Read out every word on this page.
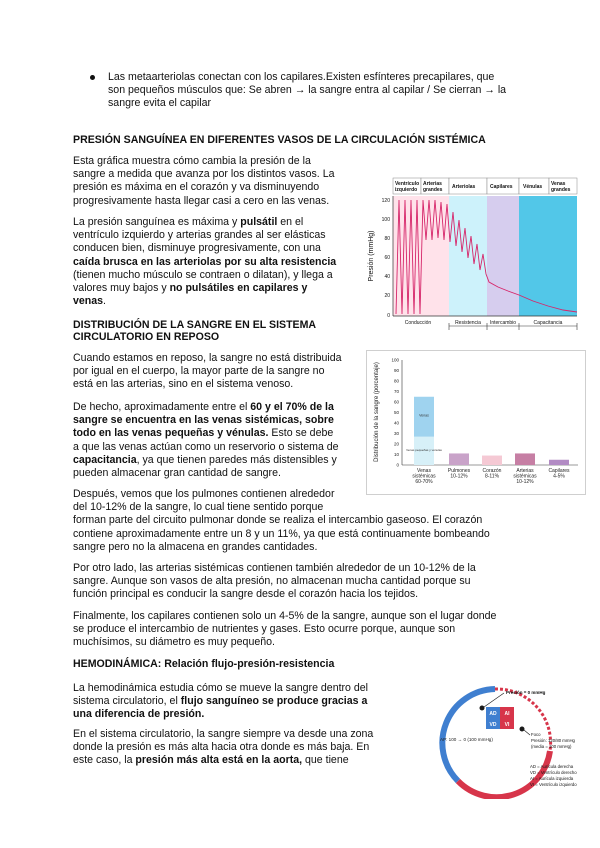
Las metaarteriolas conectan con los capilares.Existen esfínteres precapilares, que
son pequeños músculos que: Se abren → la sangre entra al capilar / Se cierran → la
sangre evita el capilar
PRESIÓN SANGUÍNEA EN DIFERENTES VASOS DE LA CIRCULACIÓN SISTÉMICA
Esta gráfica muestra cómo cambia la presión de la
sangre a medida que avanza por los distintos vasos. La
presión es máxima en el corazón y va disminuyendo
progresivamente hasta llegar casi a cero en las venas.
La presión sanguínea es máxima y pulsátil en el
ventrículo izquierdo y arterias grandes al ser elásticas
conducen bien, disminuye progresivamente, con una
caída brusca en las arteriolas por su alta resistencia
(tienen mucho músculo se contraen o dilatan), y llega a
valores muy bajos y no pulsátiles en capilares y
venas.
Ventrículo
izquierdo
Arterias
grandes Arteriolas	Capilares Vénulas Venas
grandes
120
100
80
60
40
20
0
Presión (mmHg)
Conducción	Resistencia Intercambio	Capacitancia
DISTRIBUCIÓN DE LA SANGRE EN EL SISTEMA
CIRCULATORIO EN REPOSO
Cuando estamos en reposo, la sangre no está distribuida
por igual en el cuerpo, la mayor parte de la sangre no
está en las arterias, sino en el sistema venoso.
De hecho, aproximadamente entre el 60 y el 70% de la
sangre se encuentra en las venas sistémicas, sobre
todo en las venas pequeñas y vénulas. Esto se debe
a que las venas actúan como un reservorio o sistema de
capacitancia, ya que tienen paredes más distensibles y
pueden almacenar gran cantidad de sangre.
Distribución de la sangre (porcentaje)
100
90
80
70
60
50
40
30
20
10
0
Venas
Venas pequeñas y vénulas
Venas
sistémicas
60-70%
Pulmones
10-12%
Corazón
8-11%
Arterias
sistémicas
10-12%
Capilares
4-5%
Después, vemos que los pulmones contienen alrededor
del 10-12% de la sangre, lo cual tiene sentido porque
forman parte del circuito pulmonar donde se realiza el intercambio gaseoso. El corazón
contiene aproximadamente entre un 8 y un 11%, ya que está continuamente bombeando
sangre pero no la almacena en grandes cantidades.
Por otro lado, las arterias sistémicas contienen también alrededor de un 10-12% de la
sangre. Aunque son vasos de alta presión, no almacenan mucha cantidad porque su
función principal es conducir la sangre desde el corazón hacia los tejidos.
Finalmente, los capilares contienen solo un 4-5% de la sangre, aunque son el lugar donde
se produce el intercambio de nutrientes y gases. Esto ocurre porque, aunque son
muchísimos, su diámetro es muy pequeño.
HEMODINÁMICA: Relación flujo-presión-resistencia
La hemodinámica estudia cómo se mueve la sangre dentro del
sistema circulatorio, el flujo sanguíneo se produce gracias a
una diferencia de presión.
En el sistema circulatorio, la sangre siempre va desde una zona
donde la presión es más alta hacia otra donde es más baja. En
este caso, la presión más alta está en la aorta, que tiene
AD AI
VD VI
Presión = 0 mmHg
Foco
Presión: 120/80 mmHg
(media = 100 mmHg)
AP: 100 → 0 (100 mmHg)
AD = Aurícula derecha
VD = Ventrículo derecho
AI = Aurícula izquierda
VI = Ventrículo izquierdo
